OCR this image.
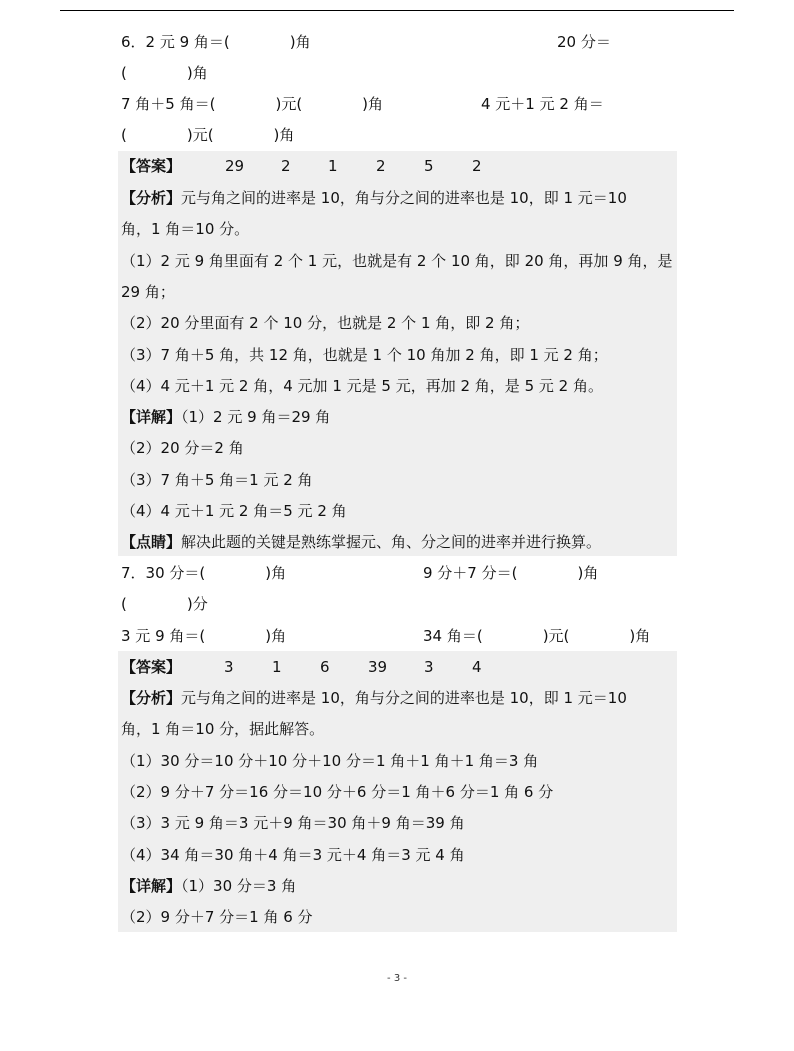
6．2 元 9 角＝(　　　　)角	20 分＝
(　　　　)角
7 角＋5 角＝(　　　　)元(　　　　)角	4 元＋1 元 2 角＝
(　　　　)元(　　　　)角
【答案】	29 2 1	2	5	2
【分析】元与角之间的进率是 10，角与分之间的进率也是 10，即 1 元＝10
角，1 角＝10 分。
（1）2 元 9 角里面有 2 个 1 元，也就是有 2 个 10 角，即 20 角，再加 9 角，是
29 角；
（2）20 分里面有 2 个 10 分，也就是 2 个 1 角，即 2 角；
（3）7 角＋5 角，共 12 角，也就是 1 个 10 角加 2 角，即 1 元 2 角；
（4）4 元＋1 元 2 角，4 元加 1 元是 5 元，再加 2 角，是 5 元 2 角。
【详解】（1）2 元 9 角＝29 角
（2）20 分＝2 角
（3）7 角＋5 角＝1 元 2 角
（4）4 元＋1 元 2 角＝5 元 2 角
【点睛】解决此题的关键是熟练掌握元、角、分之间的进率并进行换算。
7．30 分＝(　　　　)角	9 分＋7 分＝(　　　　)角
(　　　　)分
3 元 9 角＝(　　　　)角	34 角＝(　　　　)元(　　　　)角
【答案】	3	1	6	39 3	4
【分析】元与角之间的进率是 10，角与分之间的进率也是 10，即 1 元＝10
角，1 角＝10 分，据此解答。
（1）30 分＝10 分＋10 分＋10 分＝1 角＋1 角＋1 角＝3 角
（2）9 分＋7 分＝16 分＝10 分＋6 分＝1 角＋6 分＝1 角 6 分
（3）3 元 9 角＝3 元＋9 角＝30 角＋9 角＝39 角
（4）34 角＝30 角＋4 角＝3 元＋4 角＝3 元 4 角
【详解】（1）30 分＝3 角
（2）9 分＋7 分＝1 角 6 分
- 3 -
